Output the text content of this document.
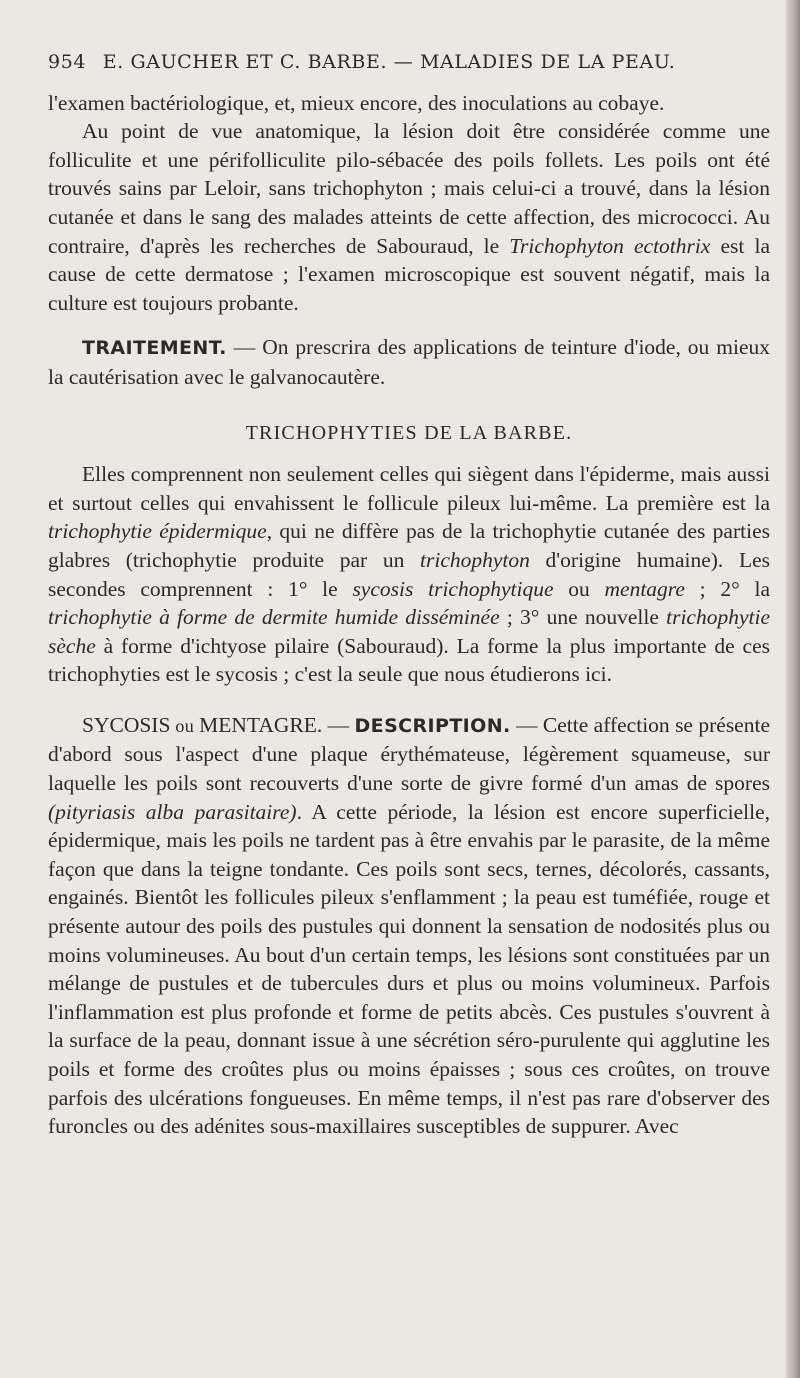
954 E. GAUCHER ET C. BARBE. — MALADIES DE LA PEAU.

l'examen bactériologique, et, mieux encore, des inoculations au cobaye.

Au point de vue anatomique, la lésion doit être considérée comme une folliculite et une périfolliculite pilo-sébacée des poils follets. Les poils ont été trouvés sains par Leloir, sans trichophyton ; mais celui-ci a trouvé, dans la lésion cutanée et dans le sang des malades atteints de cette affection, des micrococci. Au contraire, d'après les recherches de Sabouraud, le Trichophyton ectothrix est la cause de cette dermatose ; l'examen microscopique est souvent négatif, mais la culture est toujours probante.

TRAITEMENT. — On prescrira des applications de teinture d'iode, ou mieux la cautérisation avec le galvanocautère.

TRICHOPHYTIES DE LA BARBE.

Elles comprennent non seulement celles qui siègent dans l'épiderme, mais aussi et surtout celles qui envahissent le follicule pileux lui-même. La première est la trichophytie épidermique, qui ne diffère pas de la trichophytie cutanée des parties glabres (trichophytie produite par un trichophyton d'origine humaine). Les secondes comprennent : 1° le sycosis trichophytique ou mentagre ; 2° la trichophytie à forme de dermite humide disséminée ; 3° une nouvelle trichophytie sèche à forme d'ichtyose pilaire (Sabouraud). La forme la plus importante de ces trichophyties est le sycosis ; c'est la seule que nous étudierons ici.

SYCOSIS ou MENTAGRE. — DESCRIPTION. — Cette affection se présente d'abord sous l'aspect d'une plaque érythémateuse, légèrement squameuse, sur laquelle les poils sont recouverts d'une sorte de givre formé d'un amas de spores (pityriasis alba parasitaire). A cette période, la lésion est encore superficielle, épidermique, mais les poils ne tardent pas à être envahis par le parasite, de la même façon que dans la teigne tondante. Ces poils sont secs, ternes, décolorés, cassants, engainés. Bientôt les follicules pileux s'enflamment ; la peau est tuméfiée, rouge et présente autour des poils des pustules qui donnent la sensation de nodosités plus ou moins volumineuses. Au bout d'un certain temps, les lésions sont constituées par un mélange de pustules et de tubercules durs et plus ou moins volumineux. Parfois l'inflammation est plus profonde et forme de petits abcès. Ces pustules s'ouvrent à la surface de la peau, donnant issue à une sécrétion séro-purulente qui agglutine les poils et forme des croûtes plus ou moins épaisses ; sous ces croûtes, on trouve parfois des ulcérations fongueuses. En même temps, il n'est pas rare d'observer des furoncles ou des adénites sous-maxillaires susceptibles de suppurer. Avec
